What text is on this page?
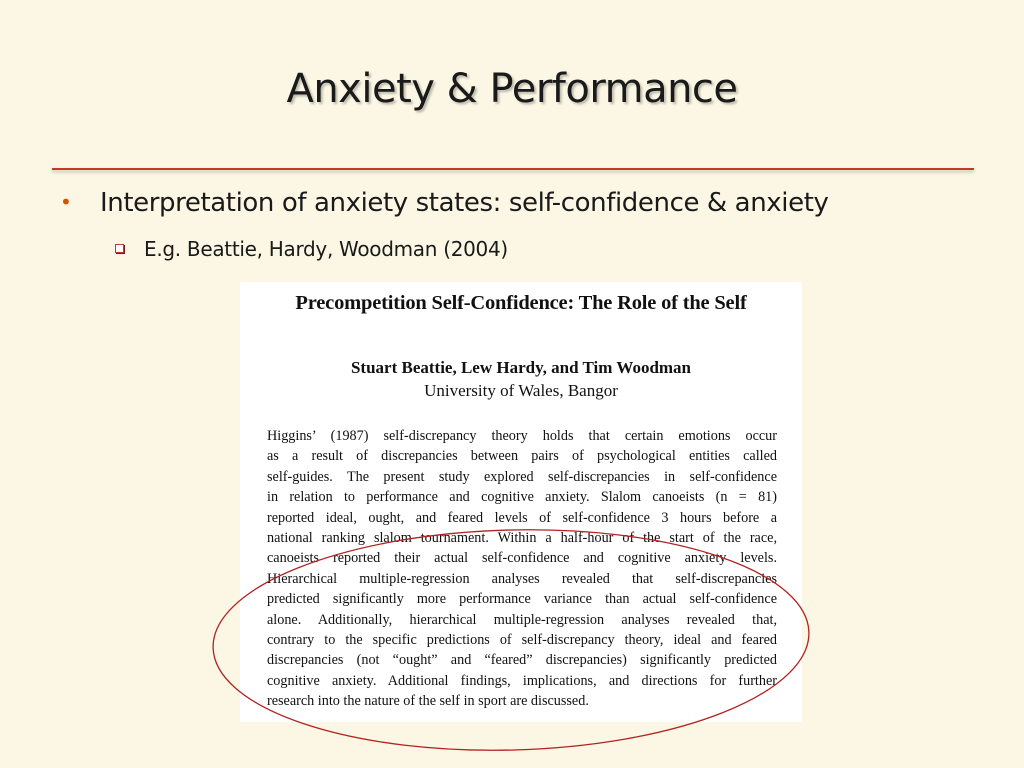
Anxiety & Performance
• Interpretation of anxiety states: self-confidence & anxiety
E.g. Beattie, Hardy, Woodman (2004)
Precompetition Self-Confidence: The Role of the Self
Stuart Beattie, Lew Hardy, and Tim Woodman
University of Wales, Bangor
Higgins’ (1987) self-discrepancy theory holds that certain emotions occur
as a result of discrepancies between pairs of psychological entities called
self-guides. The present study explored self-discrepancies in self-confidence
in relation to performance and cognitive anxiety. Slalom canoeists (n = 81)
reported ideal, ought, and feared levels of self-confidence 3 hours before a
national ranking slalom tournament. Within a half-hour of the start of the race,
canoeists reported their actual self-confidence and cognitive anxiety levels.
Hierarchical multiple-regression analyses revealed that self-discrepancies
predicted significantly more performance variance than actual self-confidence
alone. Additionally, hierarchical multiple-regression analyses revealed that,
contrary to the specific predictions of self-discrepancy theory, ideal and feared
discrepancies (not “ought” and “feared” discrepancies) significantly predicted
cognitive anxiety. Additional findings, implications, and directions for further
research into the nature of the self in sport are discussed.
